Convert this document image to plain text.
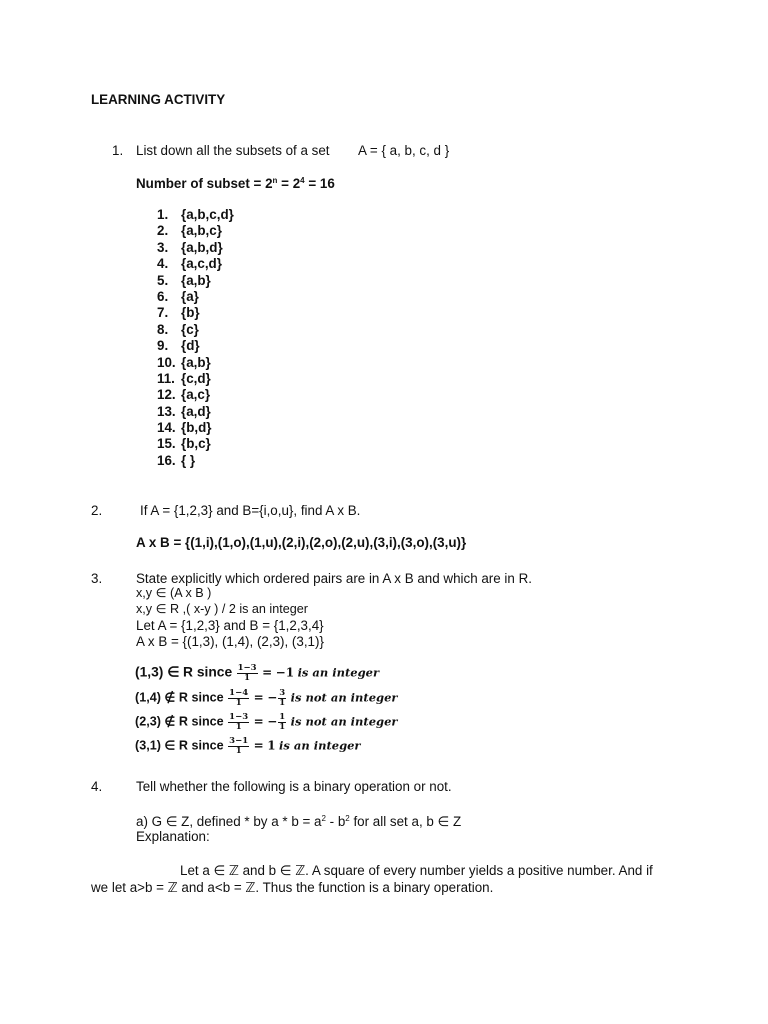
LEARNING ACTIVITY
1. List down all the subsets of a set A = { a, b, c, d }
Number of subset = $2^n = 2^4 = 16$
1. {a,b,c,d}
2. {a,b,c}
3. {a,b,d}
4. {a,c,d}
5. {a,b}
6. {a}
7. {b}
8. {c}
9. {d}
10. {a,b}
11. {c,d}
12. {a,c}
13. {a,d}
14. {b,d}
15. {b,c}
16. { }
2.	If A = {1,2,3} and B={i,o,u}, find A x B.
A x B = {(1,i),(1,o),(1,u),(2,i),(2,o),(2,u),(3,i),(3,o),(3,u)}
3.	State explicitly which ordered pairs are in A x B and which are in R.
x,y ∈ (A x B )
x,y ∈ R ,( x-y ) / 2 is an integer
Let A = {1,2,3} and B = {1,2,3,4}
A x B = {(1,3), (1,4), (2,3), (3,1)}
(1,3) ∈ R since $\frac{1-3}{1} = -1$ is an integer
(1,4) ∉ R since $\frac{1-4}{1}$ = − $\frac{3}{1}$ is not an integer
(2,3) ∉ R since $\frac{1-3}{1}$ = − $\frac{1}{1}$ is not an integer
(3,1) ∈ R since $\frac{3-1}{1} = 1$ is an integer
4.	Tell whether the following is a binary operation or not.
a) G ∈ Z, defined * by $a * b = a^2 - b^2$ for all set a, b ∈ Z
Explanation:
Let a ∈ ℤ and b ∈ ℤ. A square of every number yields a positive number. And if
we let a>b = ℤ and a<b = ℤ. Thus the function is a binary operation.
